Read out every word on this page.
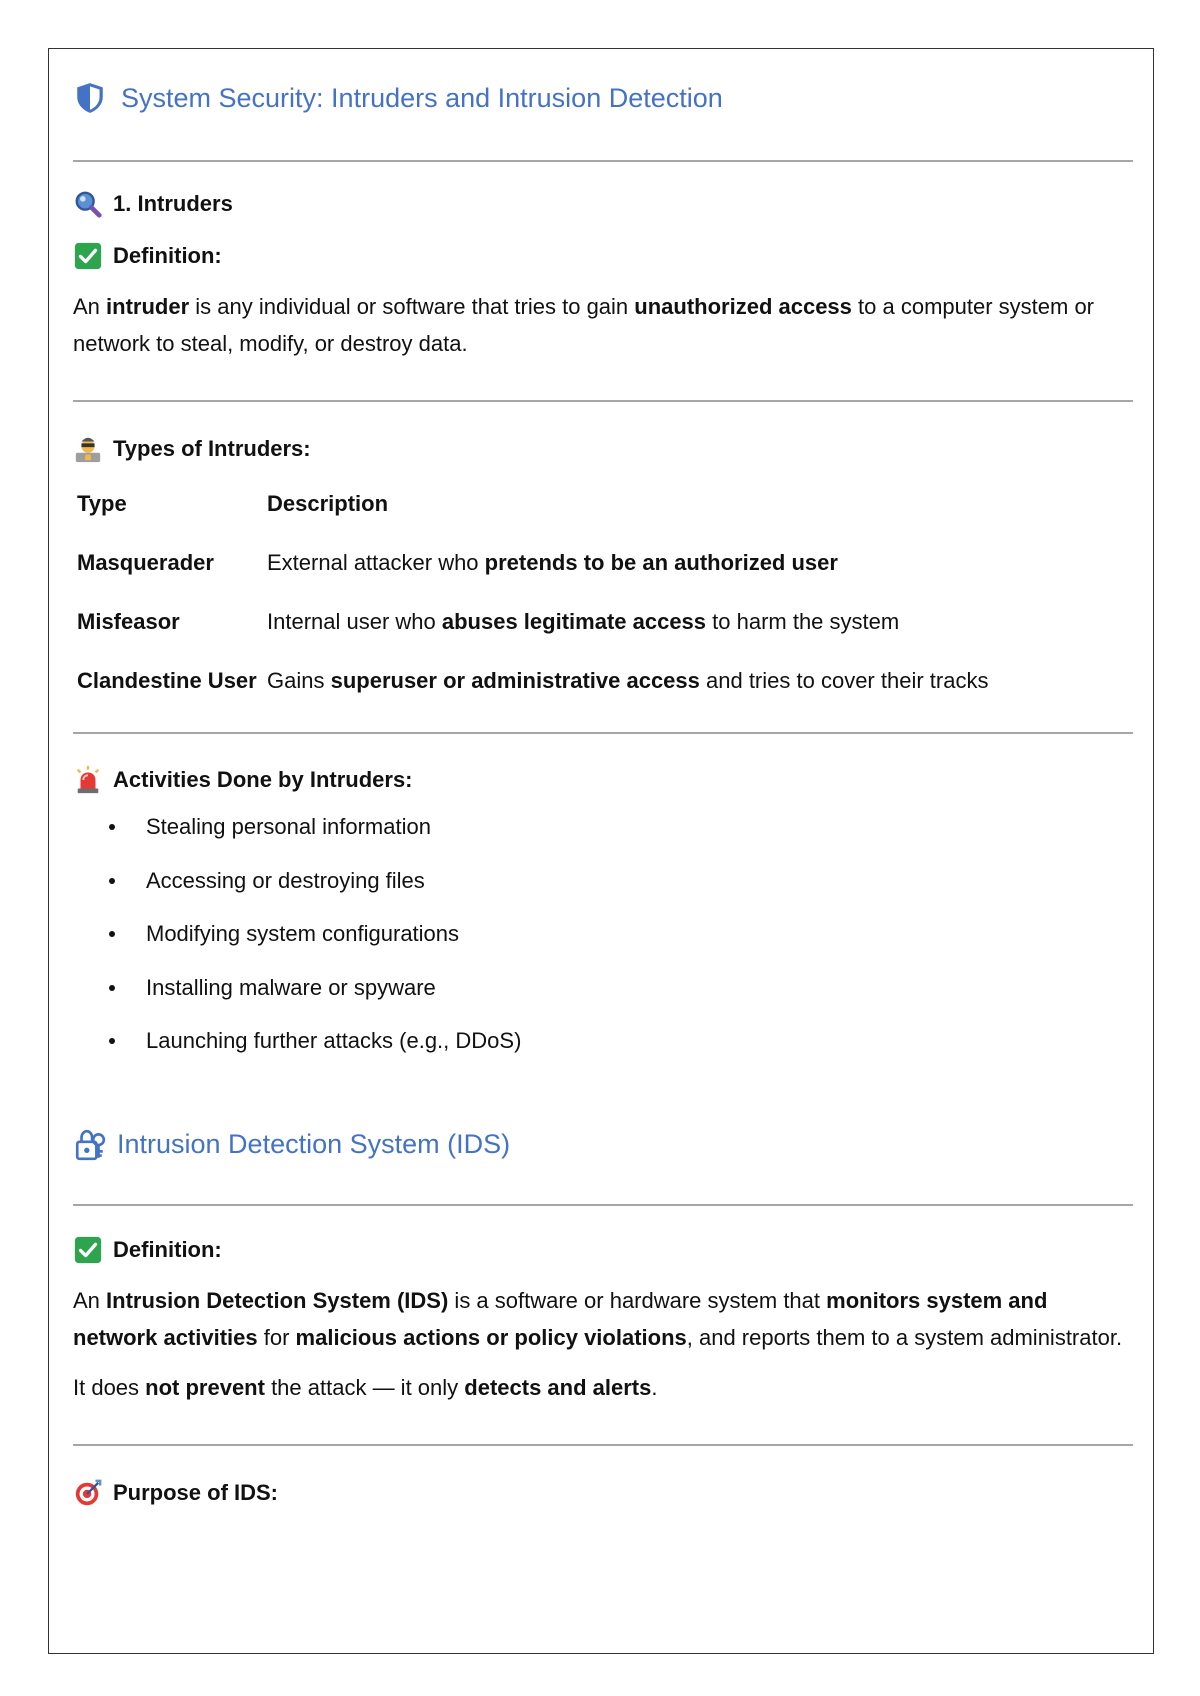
System Security: Intruders and Intrusion Detection
1. Intruders
Definition:

An intruder is any individual or software that tries to gain unauthorized access to a computer system or network to steal, modify, or destroy data.

Types of Intruders:
Type	Description
Masquerader	External attacker who pretends to be an authorized user
Misfeasor	Internal user who abuses legitimate access to harm the system
Clandestine User	Gains superuser or administrative access and tries to cover their tracks
Activities Done by Intruders:
Stealing personal information
Accessing or destroying files
Modifying system configurations
Installing malware or spyware
Launching further attacks (e.g., DDoS)
Intrusion Detection System (IDS)
Definition:

An Intrusion Detection System (IDS) is a software or hardware system that monitors system and network activities for malicious actions or policy violations, and reports them to a system administrator.

It does not prevent the attack — it only detects and alerts.

Purpose of IDS:
